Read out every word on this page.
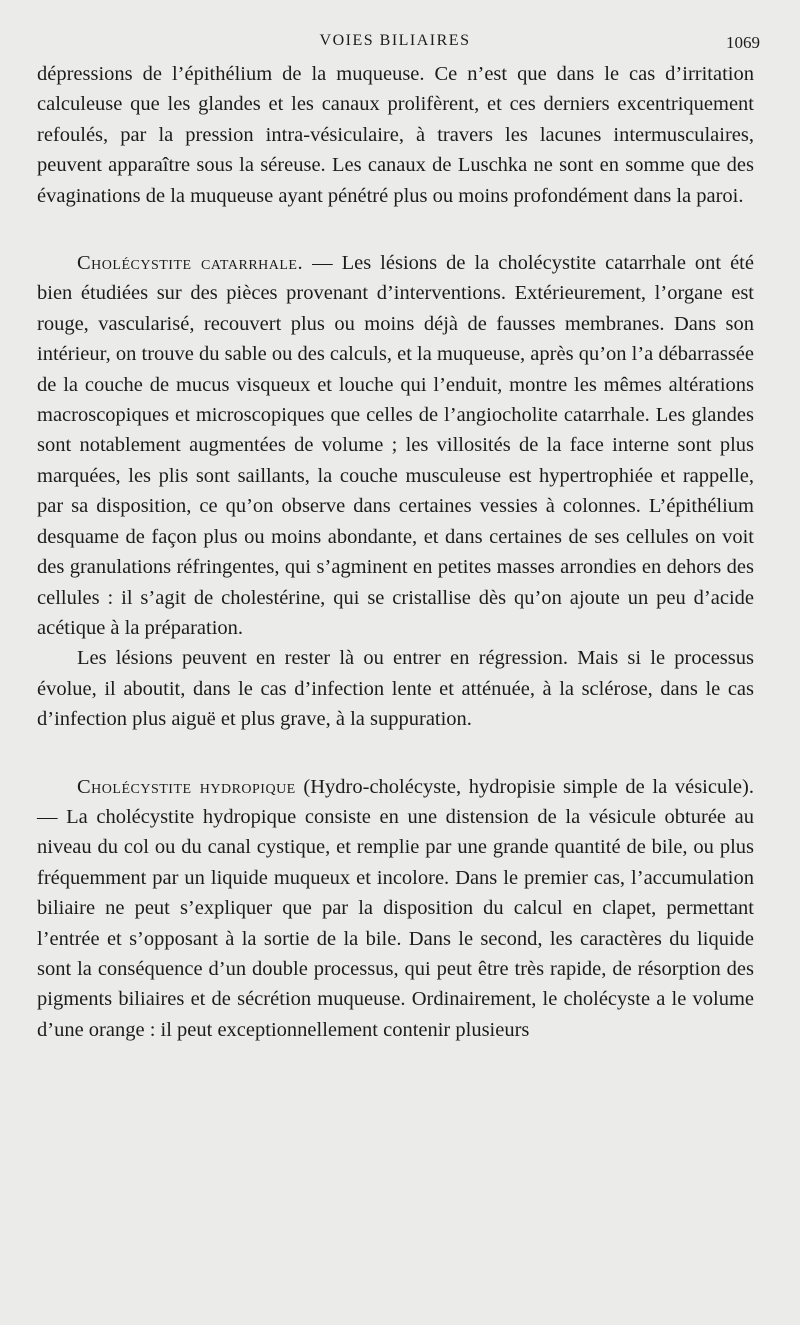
VOIES BILIAIRES	1069

dépressions de l’épithélium de la muqueuse. Ce n’est que dans le cas d’irritation calculeuse que les glandes et les canaux prolifèrent, et ces derniers excentriquement refoulés, par la pression intra-vésiculaire, à travers les lacunes intermusculaires, peuvent apparaître sous la séreuse. Les canaux de Luschka ne sont en somme que des évaginations de la muqueuse ayant pénétré plus ou moins profondément dans la paroi.

Cholécystite catarrhale. — Les lésions de la cholécystite catarrhale ont été bien étudiées sur des pièces provenant d’interventions. Extérieurement, l’organe est rouge, vascularisé, recouvert plus ou moins déjà de fausses membranes. Dans son intérieur, on trouve du sable ou des calculs, et la muqueuse, après qu’on l’a débarrassée de la couche de mucus visqueux et louche qui l’enduit, montre les mêmes altérations macroscopiques et microscopiques que celles de l’angiocholite catarrhale. Les glandes sont notablement augmentées de volume ; les villosités de la face interne sont plus marquées, les plis sont saillants, la couche musculeuse est hypertrophiée et rappelle, par sa disposition, ce qu’on observe dans certaines vessies à colonnes. L’épithélium desquame de façon plus ou moins abondante, et dans certaines de ses cellules on voit des granulations réfringentes, qui s’agminent en petites masses arrondies en dehors des cellules : il s’agit de cholestérine, qui se cristallise dès qu’on ajoute un peu d’acide acétique à la préparation.

Les lésions peuvent en rester là ou entrer en régression. Mais si le processus évolue, il aboutit, dans le cas d’infection lente et atténuée, à la sclérose, dans le cas d’infection plus aiguë et plus grave, à la suppuration.

Cholécystite hydropique (Hydro-cholécyste, hydropisie simple de la vésicule). — La cholécystite hydropique consiste en une distension de la vésicule obturée au niveau du col ou du canal cystique, et remplie par une grande quantité de bile, ou plus fréquemment par un liquide muqueux et incolore. Dans le premier cas, l’accumulation biliaire ne peut s’expliquer que par la disposition du calcul en clapet, permettant l’entrée et s’opposant à la sortie de la bile. Dans le second, les caractères du liquide sont la conséquence d’un double processus, qui peut être très rapide, de résorption des pigments biliaires et de sécrétion muqueuse. Ordinairement, le cholécyste a le volume d’une orange : il peut exceptionnellement contenir plusieurs
